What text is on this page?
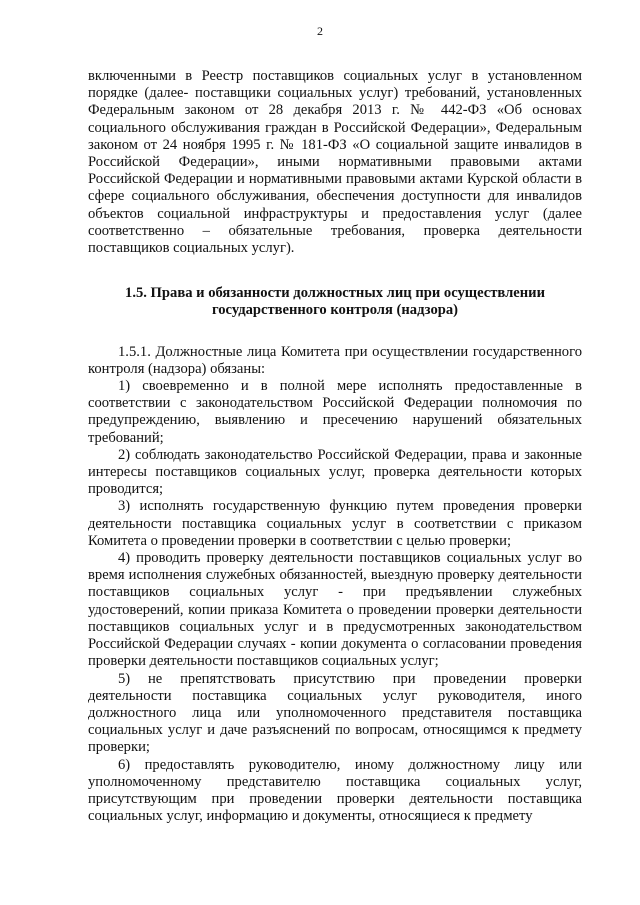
2

включенными в Реестр поставщиков социальных услуг в установленном порядке (далее- поставщики социальных услуг) требований, установленных Федеральным законом от 28 декабря 2013 г. № 442-ФЗ «Об основах социального обслуживания граждан в Российской Федерации», Федеральным законом от 24 ноября 1995 г. № 181-ФЗ «О социальной защите инвалидов в Российской Федерации», иными нормативными правовыми актами Российской Федерации и нормативными правовыми актами Курской области в сфере социального обслуживания, обеспечения доступности для инвалидов объектов социальной инфраструктуры и предоставления услуг (далее соответственно – обязательные требования, проверка деятельности поставщиков социальных услуг).

1.5. Права и обязанности должностных лиц при осуществлении государственного контроля (надзора)

1.5.1. Должностные лица Комитета при осуществлении государственного контроля (надзора) обязаны:

1) своевременно и в полной мере исполнять предоставленные в соответствии с законодательством Российской Федерации полномочия по предупреждению, выявлению и пресечению нарушений обязательных требований;

2) соблюдать законодательство Российской Федерации, права и законные интересы поставщиков социальных услуг, проверка деятельности которых проводится;

3) исполнять государственную функцию путем проведения проверки деятельности поставщика социальных услуг в соответствии с приказом Комитета о проведении проверки в соответствии с целью проверки;

4) проводить проверку деятельности поставщиков социальных услуг во время исполнения служебных обязанностей, выездную проверку деятельности поставщиков социальных услуг - при предъявлении служебных удостоверений, копии приказа Комитета о проведении проверки деятельности поставщиков социальных услуг и в предусмотренных законодательством Российской Федерации случаях - копии документа о согласовании проведения проверки деятельности поставщиков социальных услуг;

5) не препятствовать присутствию при проведении проверки деятельности поставщика социальных услуг руководителя, иного должностного лица или уполномоченного представителя поставщика социальных услуг и даче разъяснений по вопросам, относящимся к предмету проверки;

6) предоставлять руководителю, иному должностному лицу или уполномоченному представителю поставщика социальных услуг, присутствующим при проведении проверки деятельности поставщика социальных услуг, информацию и документы, относящиеся к предмету
